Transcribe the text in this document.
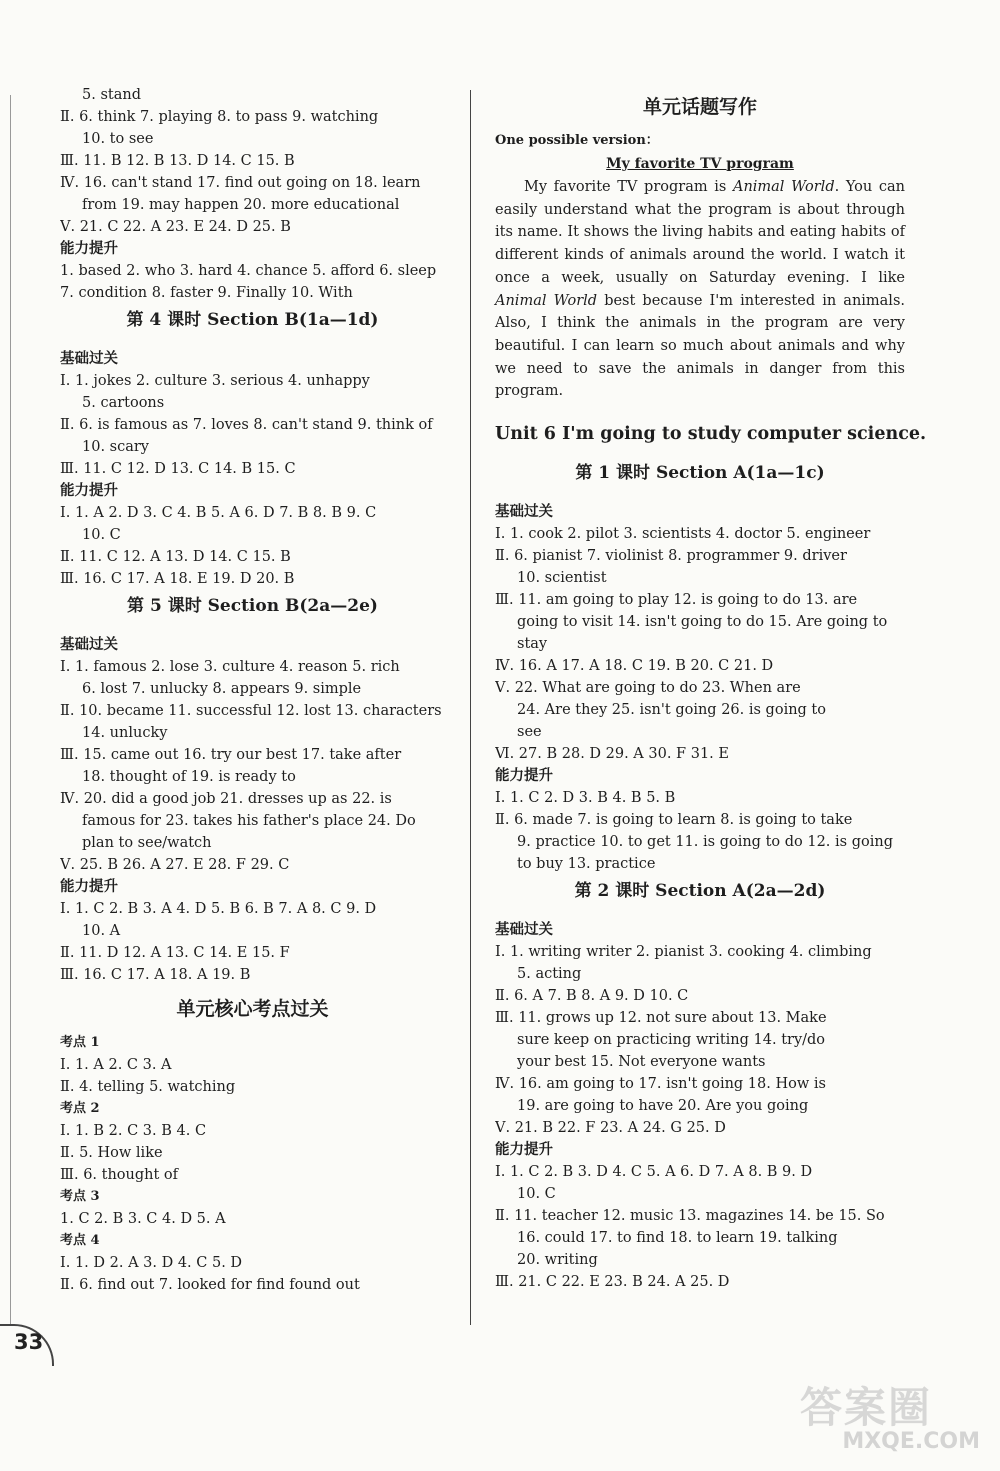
5. stand
Ⅱ. 6. think 7. playing 8. to pass 9. watching
10. to see
Ⅲ. 11. B 12. B 13. D 14. C 15. B
Ⅳ. 16. can't stand 17. find out going on 18. learn
from 19. may happen 20. more educational
Ⅴ. 21. C 22. A 23. E 24. D 25. B
能力提升
1. based 2. who 3. hard 4. chance 5. afford 6. sleep
7. condition 8. faster 9. Finally 10. With
第 4 课时 Section B(1a—1d)
基础过关
Ⅰ. 1. jokes 2. culture 3. serious 4. unhappy
5. cartoons
Ⅱ. 6. is famous as 7. loves 8. can't stand 9. think of
10. scary
Ⅲ. 11. C 12. D 13. C 14. B 15. C
能力提升
Ⅰ. 1. A 2. D 3. C 4. B 5. A 6. D 7. B 8. B 9. C
10. C
Ⅱ. 11. C 12. A 13. D 14. C 15. B
Ⅲ. 16. C 17. A 18. E 19. D 20. B
第 5 课时 Section B(2a—2e)
基础过关
Ⅰ. 1. famous 2. lose 3. culture 4. reason 5. rich
6. lost 7. unlucky 8. appears 9. simple
Ⅱ. 10. became 11. successful 12. lost 13. characters
14. unlucky
Ⅲ. 15. came out 16. try our best 17. take after
18. thought of 19. is ready to
Ⅳ. 20. did a good job 21. dresses up as 22. is
famous for 23. takes his father's place 24. Do
plan to see/watch
Ⅴ. 25. B 26. A 27. E 28. F 29. C
能力提升
Ⅰ. 1. C 2. B 3. A 4. D 5. B 6. B 7. A 8. C 9. D
10. A
Ⅱ. 11. D 12. A 13. C 14. E 15. F
Ⅲ. 16. C 17. A 18. A 19. B
单元核心考点过关
考点 1
Ⅰ. 1. A 2. C 3. A
Ⅱ. 4. telling 5. watching
考点 2
Ⅰ. 1. B 2. C 3. B 4. C
Ⅱ. 5. How like
Ⅲ. 6. thought of
考点 3
1. C 2. B 3. C 4. D 5. A
考点 4
Ⅰ. 1. D 2. A 3. D 4. C 5. D
Ⅱ. 6. find out 7. looked for find found out
单元话题写作
One possible version：
My favorite TV program

My favorite TV program is Animal World. You can easily understand what the program is about through its name. It shows the living habits and eating habits of different kinds of animals around the world. I watch it once a week, usually on Saturday evening. I like Animal World best because I'm interested in animals. Also, I think the animals in the program are very beautiful. I can learn so much about animals and why we need to save the animals in danger from this program.

Unit 6 I'm going to study computer science.
第 1 课时 Section A(1a—1c)
基础过关
Ⅰ. 1. cook 2. pilot 3. scientists 4. doctor 5. engineer
Ⅱ. 6. pianist 7. violinist 8. programmer 9. driver
10. scientist
Ⅲ. 11. am going to play 12. is going to do 13. are
going to visit 14. isn't going to do 15. Are going to
stay
Ⅳ. 16. A 17. A 18. C 19. B 20. C 21. D
Ⅴ. 22. What are going to do 23. When are
24. Are they 25. isn't going 26. is going to
see
Ⅵ. 27. B 28. D 29. A 30. F 31. E
能力提升
Ⅰ. 1. C 2. D 3. B 4. B 5. B
Ⅱ. 6. made 7. is going to learn 8. is going to take
9. practice 10. to get 11. is going to do 12. is going
to buy 13. practice
第 2 课时 Section A(2a—2d)
基础过关
Ⅰ. 1. writing writer 2. pianist 3. cooking 4. climbing
5. acting
Ⅱ. 6. A 7. B 8. A 9. D 10. C
Ⅲ. 11. grows up 12. not sure about 13. Make
sure keep on practicing writing 14. try/do
your best 15. Not everyone wants
Ⅳ. 16. am going to 17. isn't going 18. How is
19. are going to have 20. Are you going
Ⅴ. 21. B 22. F 23. A 24. G 25. D
能力提升
Ⅰ. 1. C 2. B 3. D 4. C 5. A 6. D 7. A 8. B 9. D
10. C
Ⅱ. 11. teacher 12. music 13. magazines 14. be 15. So
16. could 17. to find 18. to learn 19. talking
20. writing
Ⅲ. 21. C 22. E 23. B 24. A 25. D
33
答案圈
MXQE.COM
